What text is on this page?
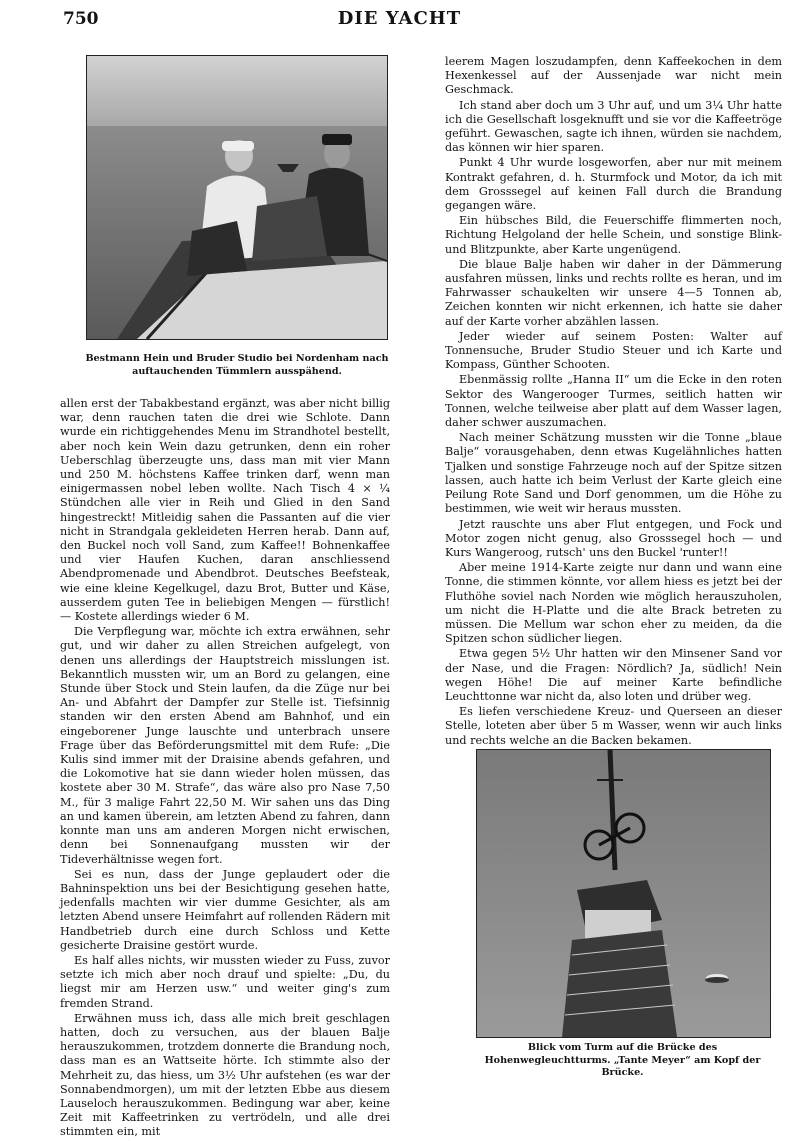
750	DIE YACHT
Bestmann Hein und Bruder Studio bei Nordenham nach auftauchenden Tümmlern ausspähend.

allen erst der Tabakbestand ergänzt, was aber nicht billig war, denn rauchen taten die drei wie Schlote. Dann wurde ein richtiggehendes Menu im Strandhotel bestellt, aber noch kein Wein dazu getrunken, denn ein roher Ueberschlag überzeugte uns, dass man mit vier Mann und 250 M. höchstens Kaffee trinken darf, wenn man einigermassen nobel leben wollte. Nach Tisch 4 × ¼ Stündchen alle vier in Reih und Glied in den Sand hingestreckt! Mitleidig sahen die Passanten auf die vier nicht in Strandgala gekleideten Herren herab. Dann auf, den Buckel noch voll Sand, zum Kaffee!! Bohnenkaffee und vier Haufen Kuchen, daran anschliessend Abendpromenade und Abendbrot. Deutsches Beefsteak, wie eine kleine Kegelkugel, dazu Brot, Butter und Käse, ausserdem guten Tee in beliebigen Mengen — fürstlich! — Kostete allerdings wieder 6 M.

Die Verpflegung war, möchte ich extra erwähnen, sehr gut, und wir daher zu allen Streichen aufgelegt, von denen uns allerdings der Hauptstreich misslungen ist. Bekanntlich mussten wir, um an Bord zu gelangen, eine Stunde über Stock und Stein laufen, da die Züge nur bei An- und Abfahrt der Dampfer zur Stelle ist. Tiefsinnig standen wir den ersten Abend am Bahnhof, und ein eingeborener Junge lauschte und unterbrach unsere Frage über das Beförderungsmittel mit dem Rufe: „Die Kulis sind immer mit der Draisine abends gefahren, und die Lokomotive hat sie dann wieder holen müssen, das kostete aber 30 M. Strafe“, das wäre also pro Nase 7,50 M., für 3 malige Fahrt 22,50 M. Wir sahen uns das Ding an und kamen überein, am letzten Abend zu fahren, dann konnte man uns am anderen Morgen nicht erwischen, denn bei Sonnenaufgang mussten wir der Tideverhältnisse wegen fort.

Sei es nun, dass der Junge geplaudert oder die Bahninspektion uns bei der Besichtigung gesehen hatte, jedenfalls machten wir vier dumme Gesichter, als am letzten Abend unsere Heimfahrt auf rollenden Rädern mit Handbetrieb durch eine durch Schloss und Kette gesicherte Draisine gestört wurde.

Es half alles nichts, wir mussten wieder zu Fuss, zuvor setzte ich mich aber noch drauf und spielte: „Du, du liegst mir am Herzen usw.“ und weiter ging's zum fremden Strand.

Erwähnen muss ich, dass alle mich breit geschlagen hatten, doch zu versuchen, aus der blauen Balje herauszukommen, trotzdem donnerte die Brandung noch, dass man es an Wattseite hörte. Ich stimmte also der Mehrheit zu, das hiess, um 3½ Uhr aufstehen (es war der Sonnabendmorgen), um mit der letzten Ebbe aus diesem Lauseloch herauszukommen. Bedingung war aber, keine Zeit mit Kaffeetrinken zu vertrödeln, und alle drei stimmten ein, mit

leerem Magen loszudampfen, denn Kaffeekochen in dem Hexenkessel auf der Aussenjade war nicht mein Geschmack.

Ich stand aber doch um 3 Uhr auf, und um 3¼ Uhr hatte ich die Gesellschaft losgeknufft und sie vor die Kaffeetröge geführt. Gewaschen, sagte ich ihnen, würden sie nachdem, das können wir hier sparen.

Punkt 4 Uhr wurde losgeworfen, aber nur mit meinem Kontrakt gefahren, d. h. Sturmfock und Motor, da ich mit dem Grosssegel auf keinen Fall durch die Brandung gegangen wäre.

Ein hübsches Bild, die Feuerschiffe flimmerten noch, Richtung Helgoland der helle Schein, und sonstige Blink- und Blitzpunkte, aber Karte ungenügend.

Die blaue Balje haben wir daher in der Dämmerung ausfahren müssen, links und rechts rollte es heran, und im Fahrwasser schaukelten wir unsere 4—5 Tonnen ab, Zeichen konnten wir nicht erkennen, ich hatte sie daher auf der Karte vorher abzählen lassen.

Jeder wieder auf seinem Posten: Walter auf Tonnensuche, Bruder Studio Steuer und ich Karte und Kompass, Günther Schooten.

Ebenmässig rollte „Hanna II“ um die Ecke in den roten Sektor des Wangerooger Turmes, seitlich hatten wir Tonnen, welche teilweise aber platt auf dem Wasser lagen, daher schwer auszumachen.

Nach meiner Schätzung mussten wir die Tonne „blaue Balje“ vorausgehaben, denn etwas Kugelähnliches hatten Tjalken und sonstige Fahrzeuge noch auf der Spitze sitzen lassen, auch hatte ich beim Verlust der Karte gleich eine Peilung Rote Sand und Dorf genommen, um die Höhe zu bestimmen, wie weit wir heraus mussten.

Jetzt rauschte uns aber Flut entgegen, und Fock und Motor zogen nicht genug, also Grosssegel hoch — und Kurs Wangeroog, rutsch' uns den Buckel 'runter!!

Aber meine 1914-Karte zeigte nur dann und wann eine Tonne, die stimmen könnte, vor allem hiess es jetzt bei der Fluthöhe soviel nach Norden wie möglich herauszuholen, um nicht die H-Platte und die alte Brack betreten zu müssen. Die Mellum war schon eher zu meiden, da die Spitzen schon südlicher liegen.

Etwa gegen 5½ Uhr hatten wir den Minsener Sand vor der Nase, und die Fragen: Nördlich? Ja, südlich! Nein wegen Höhe! Die auf meiner Karte befindliche Leuchttonne war nicht da, also loten und drüber weg.

Es liefen verschiedene Kreuz- und Querseen an dieser Stelle, loteten aber über 5 m Wasser, wenn wir auch links und rechts welche an die Backen bekamen.

Blick vom Turm auf die Brücke des Hohenwegleuchtturms. „Tante Meyer“ am Kopf der Brücke.
